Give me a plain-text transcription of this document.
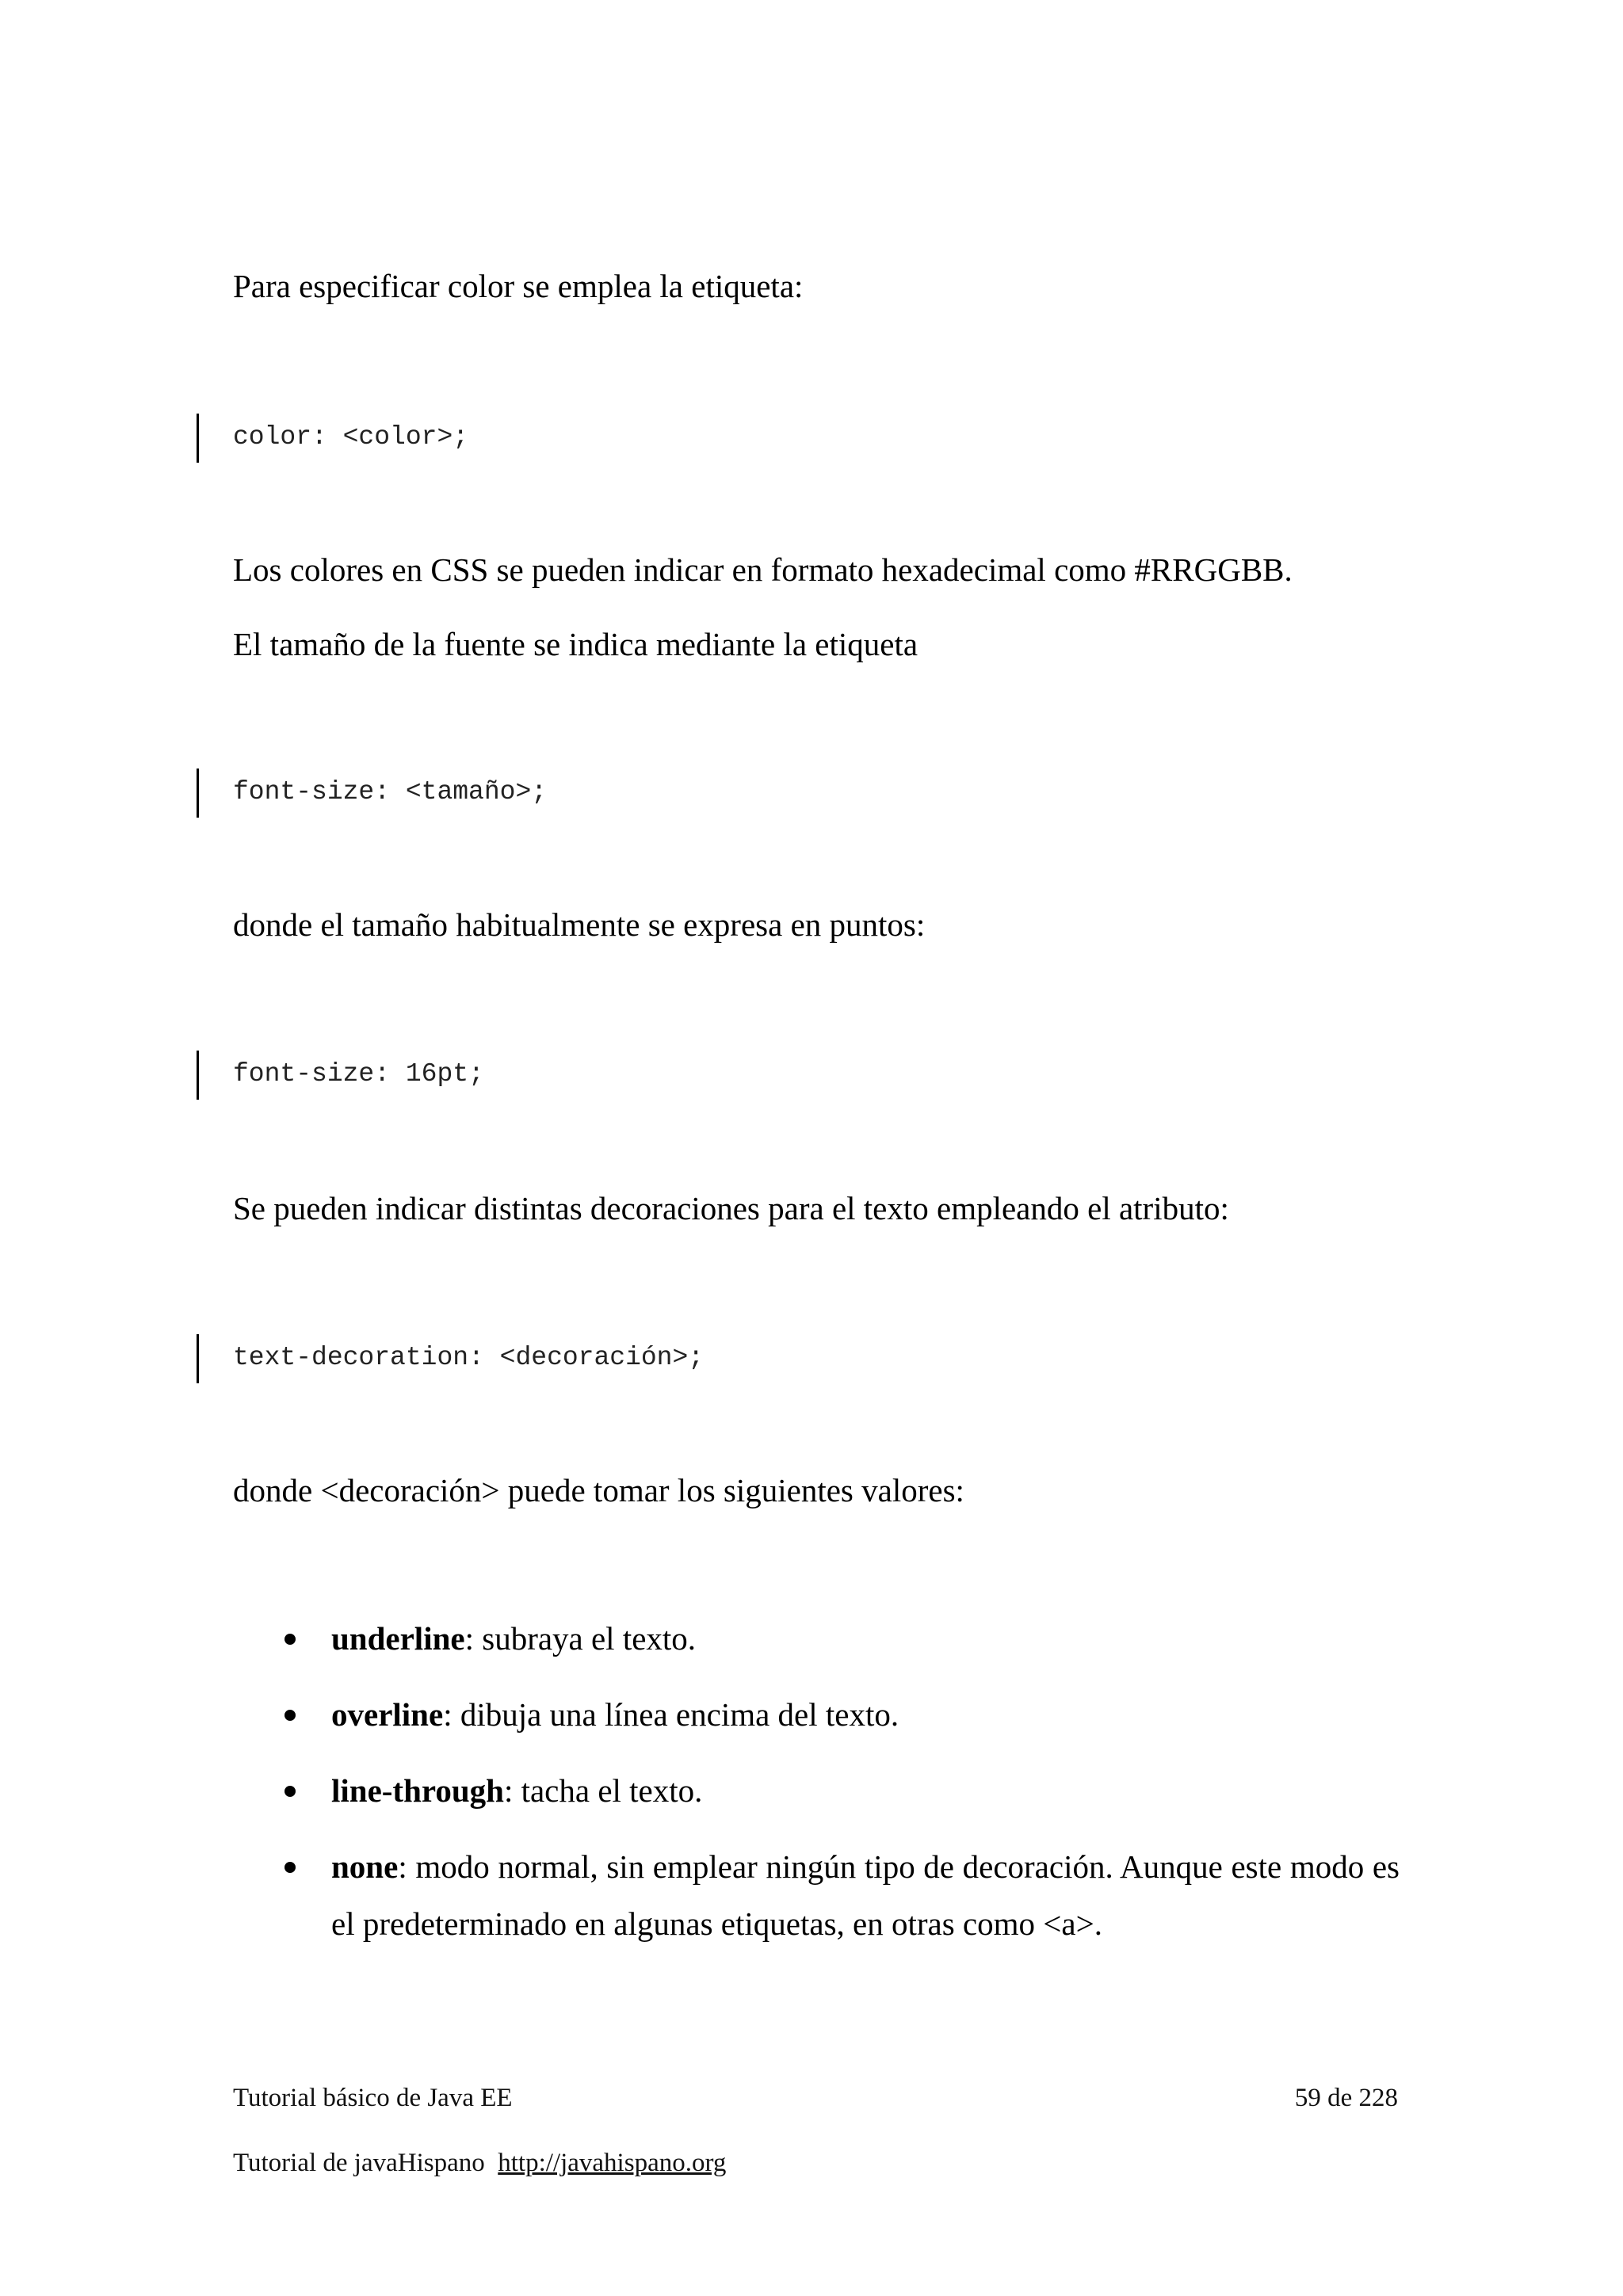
Para especificar color se emplea la etiqueta:
color: <color>;
Los colores en CSS se pueden indicar en formato hexadecimal como #RRGGBB.
El tamaño de la fuente se indica mediante la etiqueta
font-size: <tamaño>;
donde el tamaño habitualmente se expresa en puntos:
font-size: 16pt;
Se pueden indicar distintas decoraciones para el texto empleando el atributo:
text-decoration: <decoración>;
donde <decoración> puede tomar los siguientes valores:
underline: subraya el texto.
overline: dibuja una línea encima del texto.
line-through: tacha el texto.
none: modo normal, sin emplear ningún tipo de decoración. Aunque este modo es el predeterminado en algunas etiquetas, en otras como <a>.
Tutorial básico de Java EE	59 de 228
Tutorial de javaHispano http://javahispano.org
